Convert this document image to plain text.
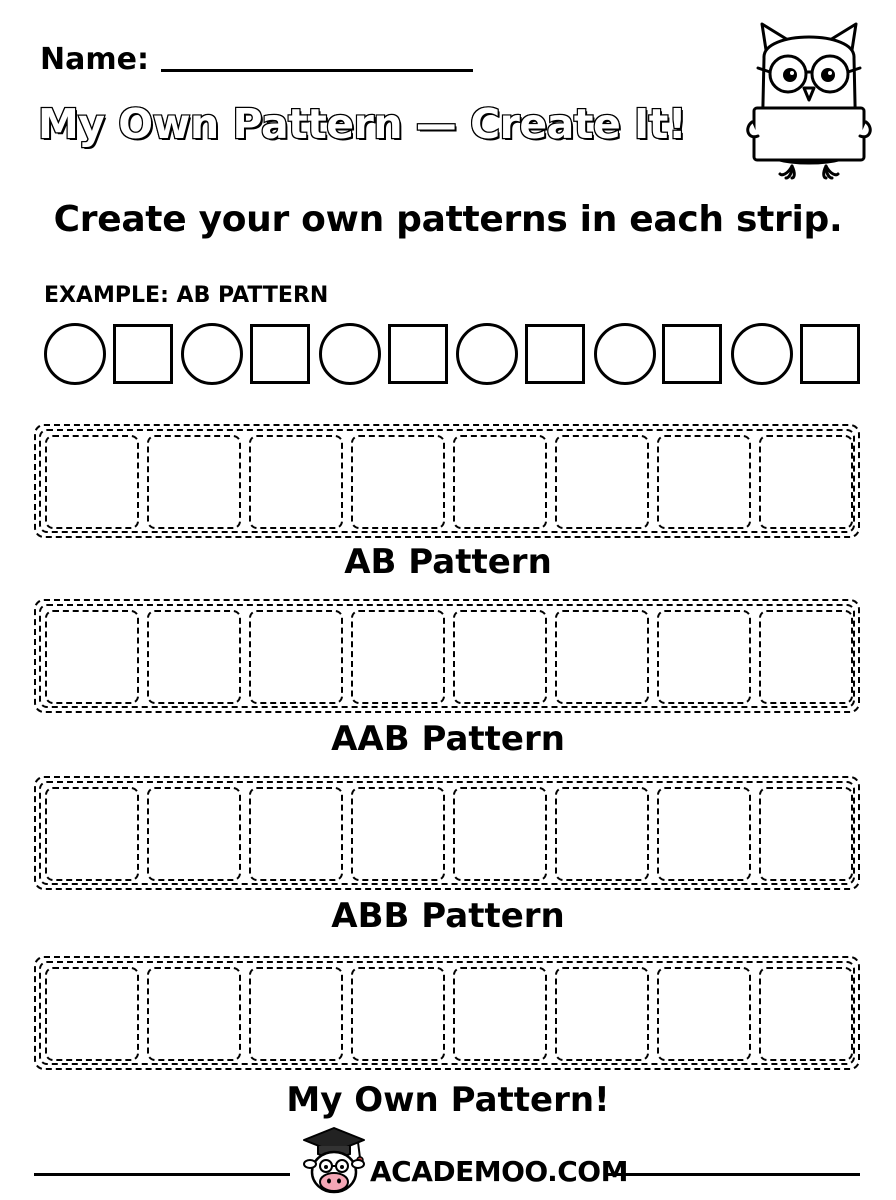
Name:
My Own Pattern — Create It!
Create your own patterns in each strip.
EXAMPLE: AB PATTERN
AB Pattern
AAB Pattern
ABB Pattern
My Own Pattern!
ACADEMOO.COM
